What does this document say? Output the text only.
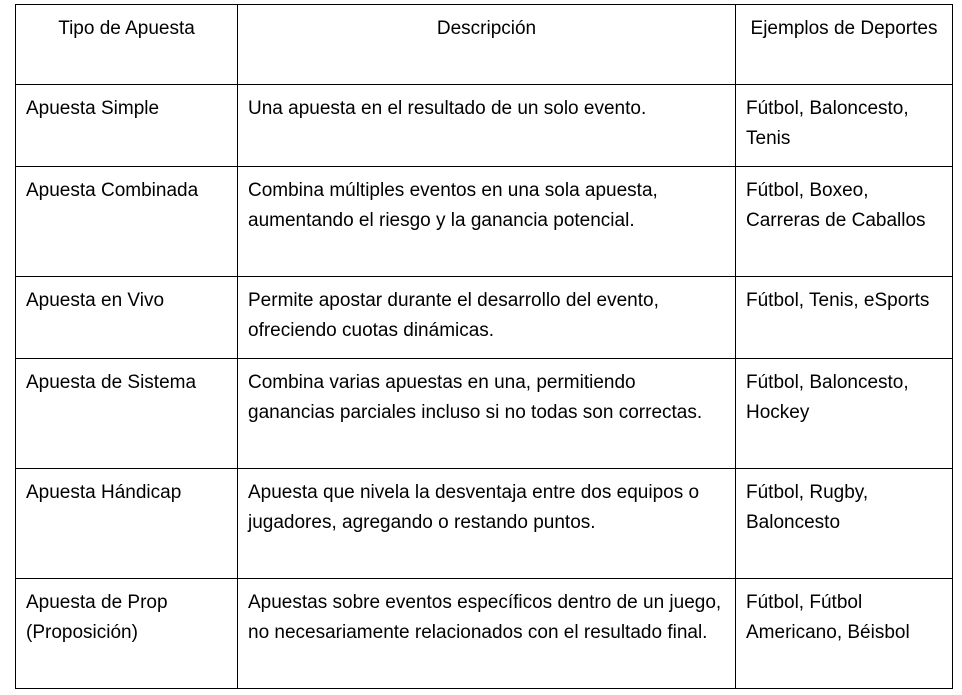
Tipo de Apuesta	Descripción	Ejemplos de Deportes
Apuesta Simple	Una apuesta en el resultado de un solo evento.	Fútbol, Baloncesto, Tenis
Apuesta Combinada	Combina múltiples eventos en una sola apuesta, aumentando el riesgo y la ganancia potencial.	Fútbol, Boxeo, Carreras de Caballos
Apuesta en Vivo	Permite apostar durante el desarrollo del evento, ofreciendo cuotas dinámicas.	Fútbol, Tenis, eSports
Apuesta de Sistema	Combina varias apuestas en una, permitiendo ganancias parciales incluso si no todas son correctas.	Fútbol, Baloncesto, Hockey
Apuesta Hándicap	Apuesta que nivela la desventaja entre dos equipos o jugadores, agregando o restando puntos.	Fútbol, Rugby, Baloncesto
Apuesta de Prop (Proposición)	Apuestas sobre eventos específicos dentro de un juego, no necesariamente relacionados con el resultado final.	Fútbol, Fútbol Americano, Béisbol
